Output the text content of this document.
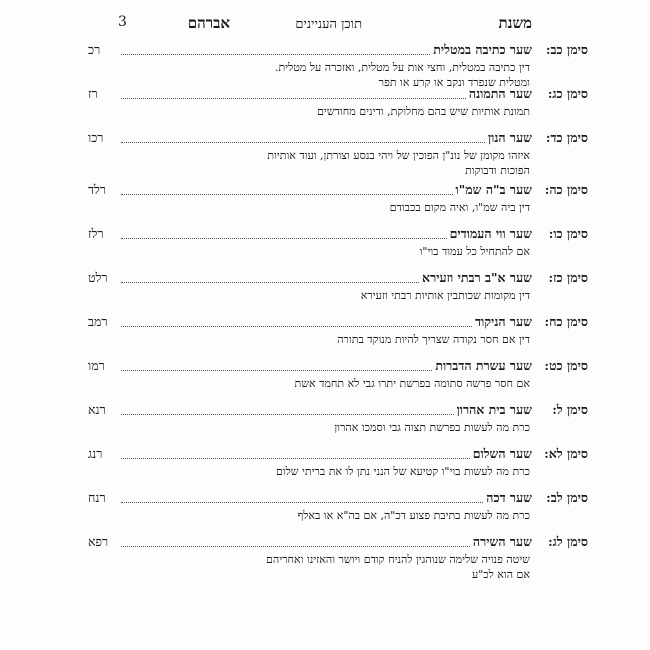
משנת
תוכן העניינים
אברהם
3
סימן כב:
שער כתיבה במטלית
רכ
דין כתיבה במטלית, וחצי אות על מטלית, ואזכרה על מטלית.
ומטלית שנפרד ונקב או קרע או תפר
סימן כג:
שער התמונה
רז
תמונת אותיות שיש בהם מחלוקת, ודינים מחודשים
סימן כד:
שער הנון
רכו
איזהו מקומן של נונ"ן הפוכין של ויהי בנסע וצורתן, ועוד אותיות
הפוכות ודבוקות
סימן כה:
שער ב"ה שמ"ו
רלד
דין ביה שמ"ו, ואיה מקום בכבודם
סימן כו:
שער ווי העמודים
רלז
אם להתחיל כל עמוד בוי"ו
סימן כז:
שער א"ב רבתי וזעירא
רלט
דין מקומות שכותבין אותיות רבתי וזעירא
סימן כח:
שער הניקוד
רמב
דין אם חסר נקודה שצריך להיות מנוקד בתורה
סימן כט:
שער עשרת הדברות
רמו
אם חסר פרשה סתומה בפרשת יתרו גבי לא תחמד אשת
סימן ל:
שער בית אהרון
רנא
כרת מה לעשות בפרשת תצוה גבי וסמכו אהרון
סימן לא:
שער השלום
רנג
כרת מה לעשות בוי"ו קטיעא של הנני נתן לו את בריתי שלום
סימן לב:
שער דכה
רנח
כרת מה לעשות בתיבת פצוע דכ"ה, אם בה"א או באלף
סימן לג:
שער השירה
רפא
שיטה פנויה שלימה שנוהגין להניח קודם ויושר והאזינו ואחריהם
אם הוא לכ"ע
